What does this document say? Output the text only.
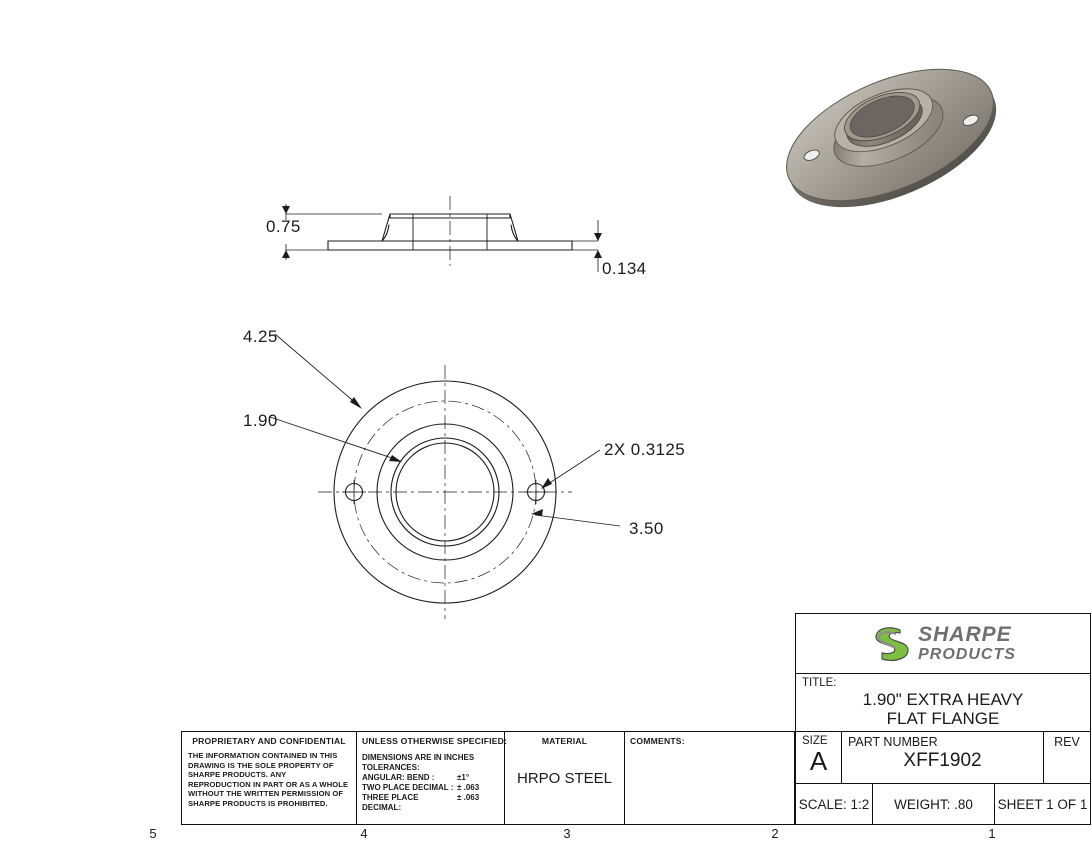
0.75
0.134
4.25
1.90
2X 0.3125
3.50
PROPRIETARY AND CONFIDENTIAL
THE INFORMATION CONTAINED IN THIS DRAWING IS THE SOLE PROPERTY OF SHARPE PRODUCTS. ANY REPRODUCTION IN PART OR AS A WHOLE WITHOUT THE WRITTEN PERMISSION OF SHARPE PRODUCTS IS PROHIBITED.
UNLESS OTHERWISE SPECIFIED:
DIMENSIONS ARE IN INCHES
TOLERANCES:
ANGULAR: BEND :	±1°
TWO PLACE DECIMAL : ± .063
THREE PLACE DECIMAL:
± .063
MATERIAL
HRPO STEEL
COMMENTS:
SHARPE
PRODUCTS
TITLE:
1.90" EXTRA HEAVY
FLAT FLANGE
SIZE
A
PART NUMBER
XFF1902
REV
SCALE: 1:2	WEIGHT: .80	SHEET 1 OF 1
5	4	3	2	1
